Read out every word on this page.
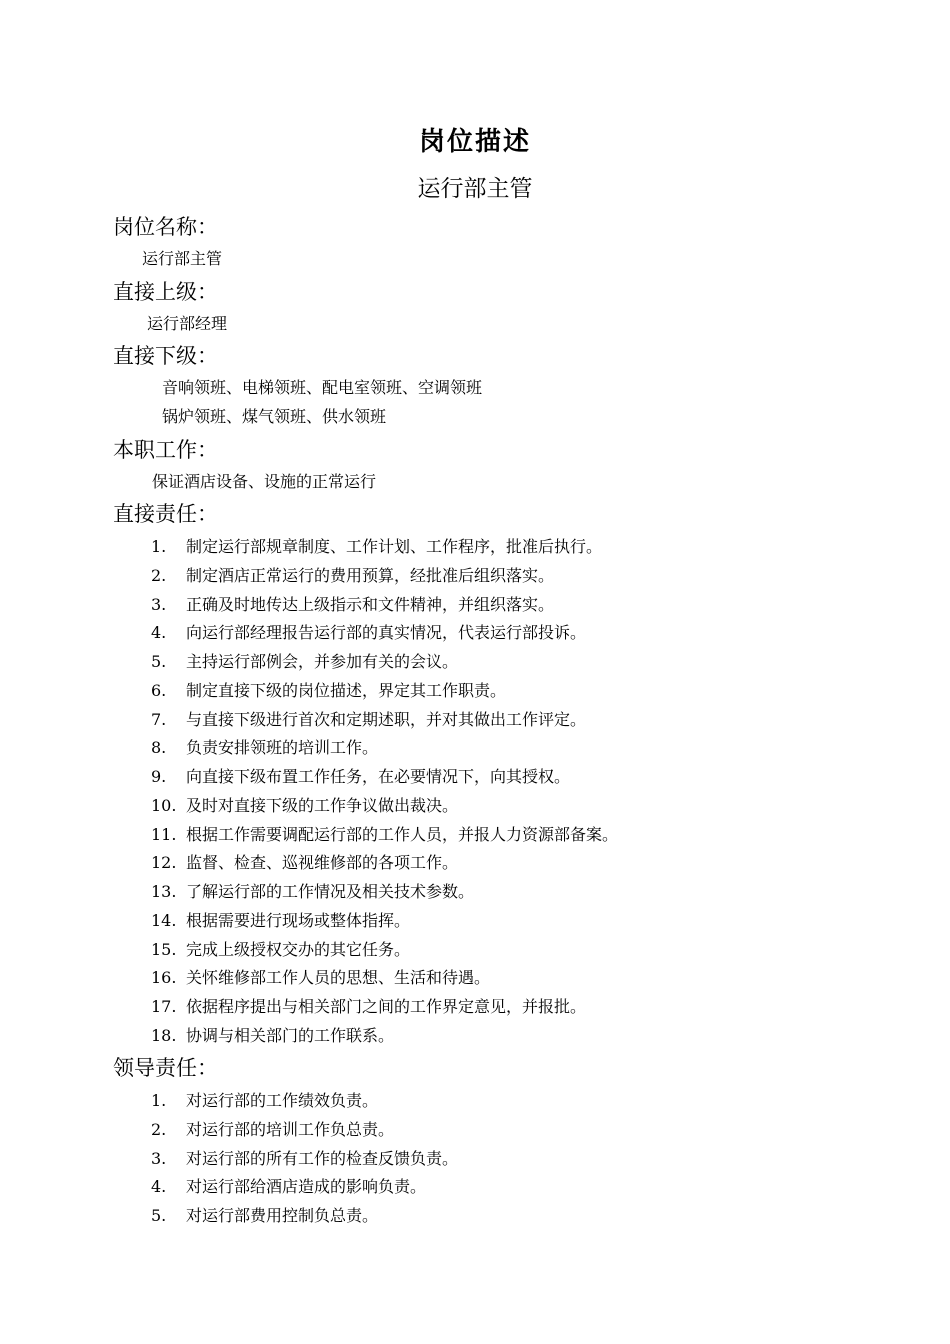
岗位描述
运行部主管
岗位名称：
运行部主管
直接上级：
运行部经理
直接下级：
音响领班、电梯领班、配电室领班、空调领班
锅炉领班、煤气领班、供水领班
本职工作：
保证酒店设备、设施的正常运行
直接责任：
1. 制定运行部规章制度、工作计划、工作程序，批准后执行。
2. 制定酒店正常运行的费用预算，经批准后组织落实。
3. 正确及时地传达上级指示和文件精神，并组织落实。
4. 向运行部经理报告运行部的真实情况，代表运行部投诉。
5. 主持运行部例会，并参加有关的会议。
6. 制定直接下级的岗位描述，界定其工作职责。
7. 与直接下级进行首次和定期述职，并对其做出工作评定。
8. 负责安排领班的培训工作。
9. 向直接下级布置工作任务，在必要情况下，向其授权。
10. 及时对直接下级的工作争议做出裁决。
11. 根据工作需要调配运行部的工作人员，并报人力资源部备案。
12. 监督、检查、巡视维修部的各项工作。
13. 了解运行部的工作情况及相关技术参数。
14. 根据需要进行现场或整体指挥。
15. 完成上级授权交办的其它任务。
16. 关怀维修部工作人员的思想、生活和待遇。
17. 依据程序提出与相关部门之间的工作界定意见，并报批。
18. 协调与相关部门的工作联系。
领导责任：
1. 对运行部的工作绩效负责。
2. 对运行部的培训工作负总责。
3. 对运行部的所有工作的检查反馈负责。
4. 对运行部给酒店造成的影响负责。
5. 对运行部费用控制负总责。
